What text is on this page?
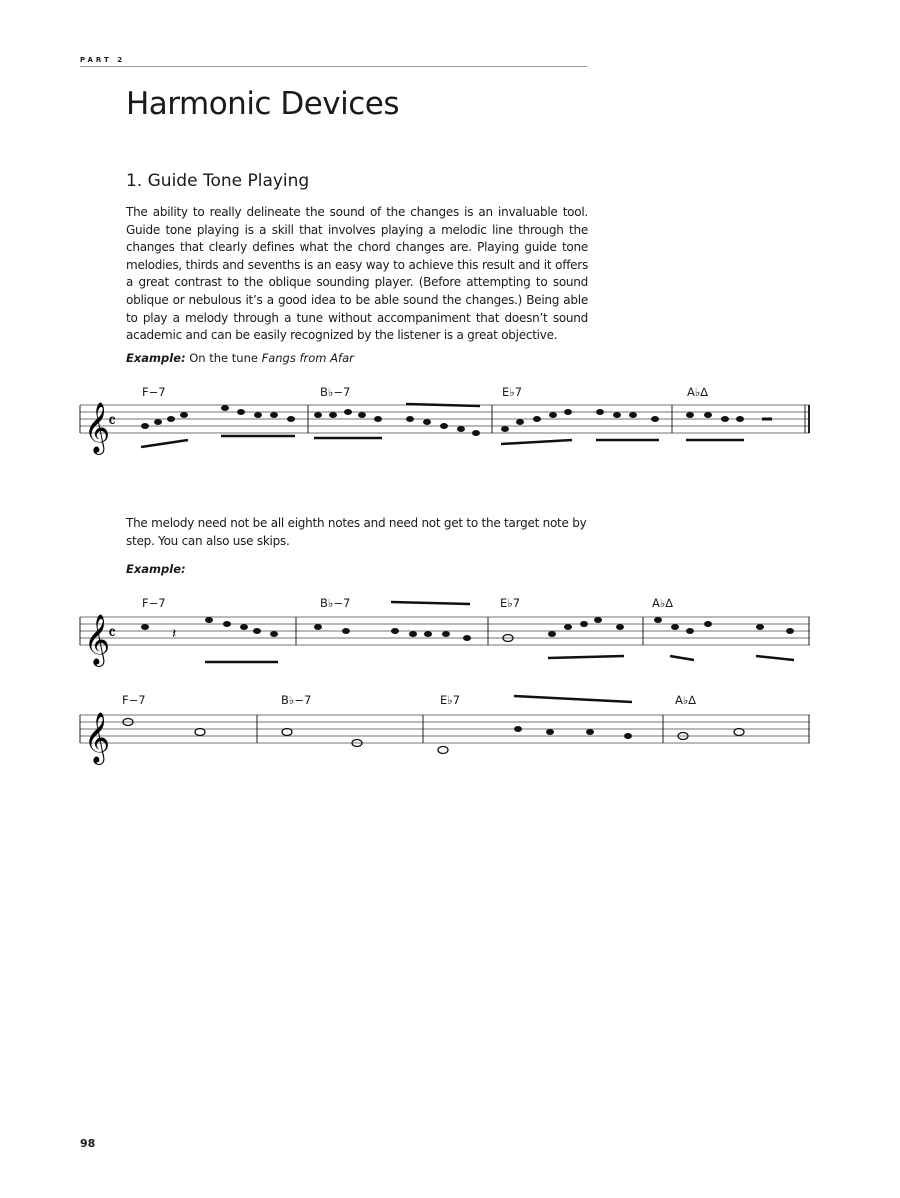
PART 2
Harmonic Devices
1. Guide Tone Playing

The ability to really delineate the sound of the changes is an invaluable tool. Guide tone playing is a skill that involves playing a melodic line through the changes that clearly defines what the chord changes are. Playing guide tone melodies, thirds and sevenths is an easy way to achieve this result and it offers a great contrast to the oblique sounding player. (Before attempting to sound oblique or nebulous it’s a good idea to be able sound the changes.) Being able to play a melody through a tune without accompaniment that doesn’t sound academic and can be easily recognized by the listener is a great objective.

Example: On the tune Fangs from Afar

𝄞
𝄴
F−7	B♭−7	E♭7	A♭∆

The melody need not be all eighth notes and need not get to the target note by step. You can also use skips.

Example:

𝄞
𝄴
F−7	B♭−7	E♭7	A♭∆
𝄽
𝄞
F−7	B♭−7	E♭7	A♭∆
98
